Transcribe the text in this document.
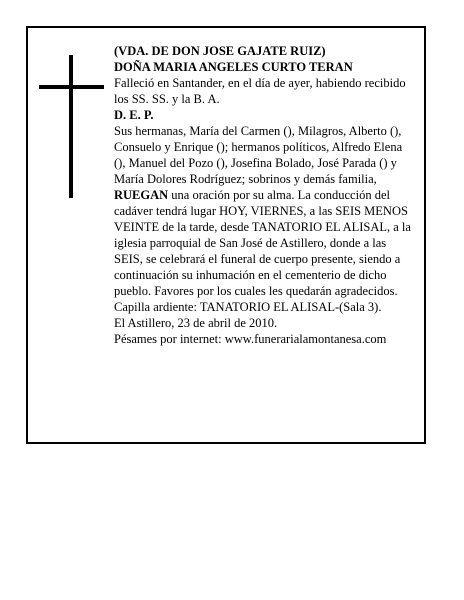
(VDA. DE DON JOSE GAJATE RUIZ)

DOÑA MARIA ANGELES CURTO TERAN

Falleció en Santander, en el día de ayer, habiendo recibido los SS. SS. y la B. A.

D. E. P.

Sus hermanas, María del Carmen (), Milagros, Alberto (), Consuelo y Enrique (); hermanos políticos, Alfredo Elena (), Manuel del Pozo (), Josefina Bolado, José Parada () y María Dolores Rodríguez; sobrinos y demás familia,

RUEGAN una oración por su alma. La conducción del cadáver tendrá lugar HOY, VIERNES, a las SEIS MENOS VEINTE de la tarde, desde TANATORIO EL ALISAL, a la iglesia parroquial de San José de Astillero, donde a las SEIS, se celebrará el funeral de cuerpo presente, siendo a continuación su inhumación en el cementerio de dicho pueblo. Favores por los cuales les quedarán agradecidos. Capilla ardiente: TANATORIO EL ALISAL-(Sala 3).

El Astillero, 23 de abril de 2010.

Pésames por internet: www.funerarialamontanesa.com
